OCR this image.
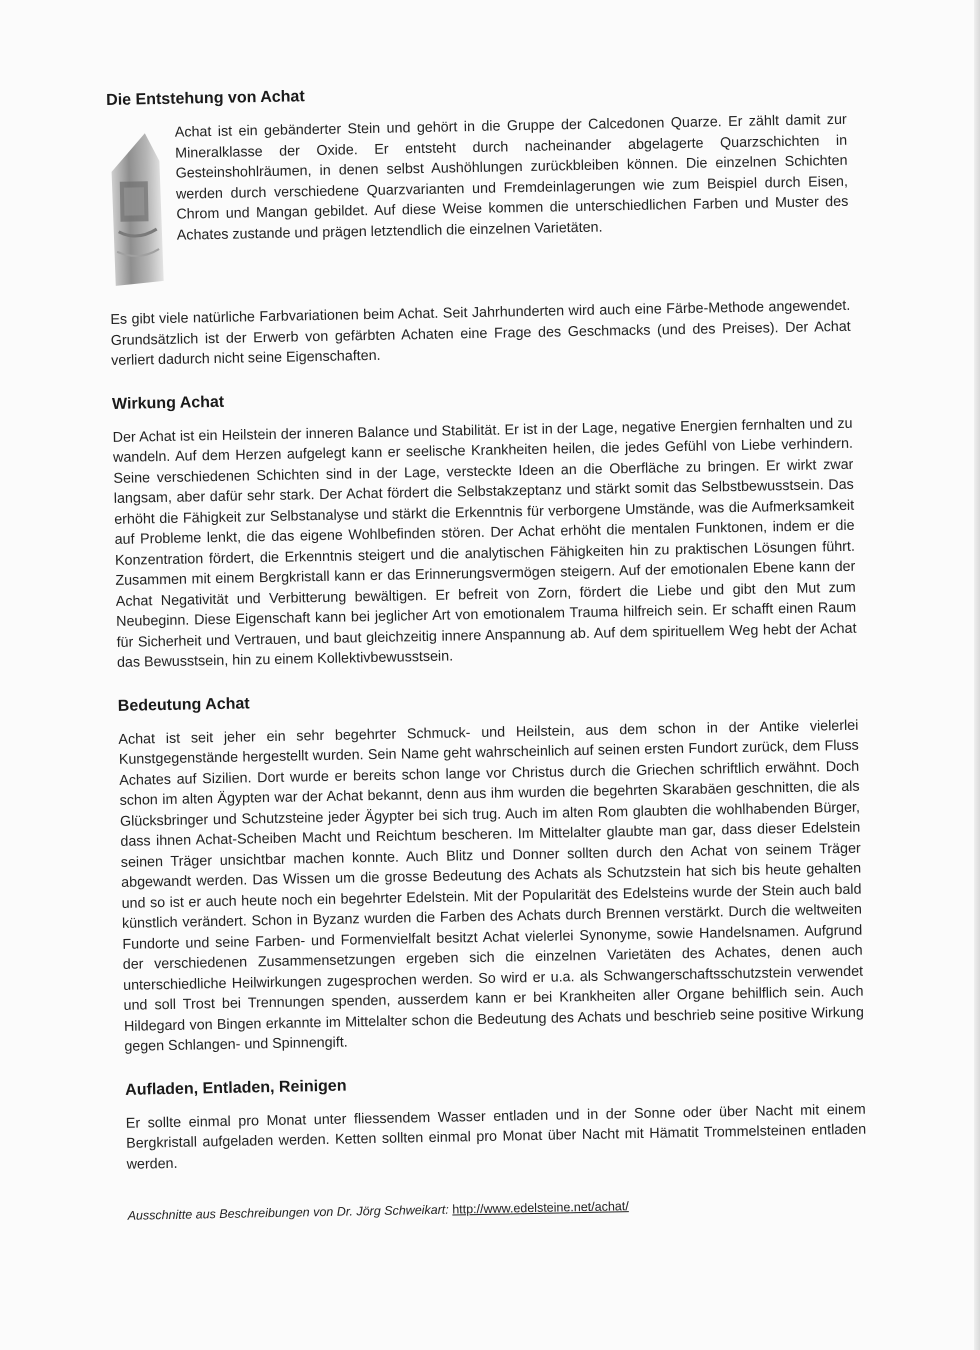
Die Entstehung von Achat

Achat ist ein gebänderter Stein und gehört in die Gruppe der Calcedonen Quarze. Er zählt damit zur Mineralklasse der Oxide. Er entsteht durch nacheinander abgelagerte Quarzschichten in Gesteinshohlräumen, in denen selbst Aushöhlungen zurückbleiben können. Die einzelnen Schichten werden durch verschiedene Quarzvarianten und Fremdeinlagerungen wie zum Beispiel durch Eisen, Chrom und Mangan gebildet. Auf diese Weise kommen die unterschiedlichen Farben und Muster des Achates zustande und prägen letztendlich die einzelnen Varietäten.

Es gibt viele natürliche Farbvariationen beim Achat. Seit Jahrhunderten wird auch eine Färbe-Methode angewendet. Grundsätzlich ist der Erwerb von gefärbten Achaten eine Frage des Geschmacks (und des Preises). Der Achat verliert dadurch nicht seine Eigenschaften.

Wirkung Achat

Der Achat ist ein Heilstein der inneren Balance und Stabilität. Er ist in der Lage, negative Energien fernhalten und zu wandeln. Auf dem Herzen aufgelegt kann er seelische Krankheiten heilen, die jedes Gefühl von Liebe verhindern. Seine verschiedenen Schichten sind in der Lage, versteckte Ideen an die Oberfläche zu bringen. Er wirkt zwar langsam, aber dafür sehr stark. Der Achat fördert die Selbstakzeptanz und stärkt somit das Selbstbewusstsein. Das erhöht die Fähigkeit zur Selbstanalyse und stärkt die Erkenntnis für verborgene Umstände, was die Aufmerksamkeit auf Probleme lenkt, die das eigene Wohlbefinden stören. Der Achat erhöht die mentalen Funktonen, indem er die Konzentration fördert, die Erkenntnis steigert und die analytischen Fähigkeiten hin zu praktischen Lösungen führt. Zusammen mit einem Bergkristall kann er das Erinnerungsvermögen steigern. Auf der emotionalen Ebene kann der Achat Negativität und Verbitterung bewältigen. Er befreit von Zorn, fördert die Liebe und gibt den Mut zum Neubeginn. Diese Eigenschaft kann bei jeglicher Art von emotionalem Trauma hilfreich sein. Er schafft einen Raum für Sicherheit und Vertrauen, und baut gleichzeitig innere Anspannung ab. Auf dem spirituellem Weg hebt der Achat das Bewusstsein, hin zu einem Kollektivbewusstsein.

Bedeutung Achat

Achat ist seit jeher ein sehr begehrter Schmuck- und Heilstein, aus dem schon in der Antike vielerlei Kunstgegenstände hergestellt wurden. Sein Name geht wahrscheinlich auf seinen ersten Fundort zurück, dem Fluss Achates auf Sizilien. Dort wurde er bereits schon lange vor Christus durch die Griechen schriftlich erwähnt. Doch schon im alten Ägypten war der Achat bekannt, denn aus ihm wurden die begehrten Skarabäen geschnitten, die als Glücksbringer und Schutzsteine jeder Ägypter bei sich trug. Auch im alten Rom glaubten die wohlhabenden Bürger, dass ihnen Achat-Scheiben Macht und Reichtum bescheren. Im Mittelalter glaubte man gar, dass dieser Edelstein seinen Träger unsichtbar machen konnte. Auch Blitz und Donner sollten durch den Achat von seinem Träger abgewandt werden. Das Wissen um die grosse Bedeutung des Achats als Schutzstein hat sich bis heute gehalten und so ist er auch heute noch ein begehrter Edelstein. Mit der Popularität des Edelsteins wurde der Stein auch bald künstlich verändert. Schon in Byzanz wurden die Farben des Achats durch Brennen verstärkt. Durch die weltweiten Fundorte und seine Farben- und Formenvielfalt besitzt Achat vielerlei Synonyme, sowie Handelsnamen. Aufgrund der verschiedenen Zusammensetzungen ergeben sich die einzelnen Varietäten des Achates, denen auch unterschiedliche Heilwirkungen zugesprochen werden. So wird er u.a. als Schwangerschaftsschutzstein verwendet und soll Trost bei Trennungen spenden, ausserdem kann er bei Krankheiten aller Organe behilflich sein. Auch Hildegard von Bingen erkannte im Mittelalter schon die Bedeutung des Achats und beschrieb seine positive Wirkung gegen Schlangen- und Spinnengift.

Aufladen, Entladen, Reinigen

Er sollte einmal pro Monat unter fliessendem Wasser entladen und in der Sonne oder über Nacht mit einem Bergkristall aufgeladen werden. Ketten sollten einmal pro Monat über Nacht mit Hämatit Trommelsteinen entladen werden.

Ausschnitte aus Beschreibungen von Dr. Jörg Schweikart: http://www.edelsteine.net/achat/
